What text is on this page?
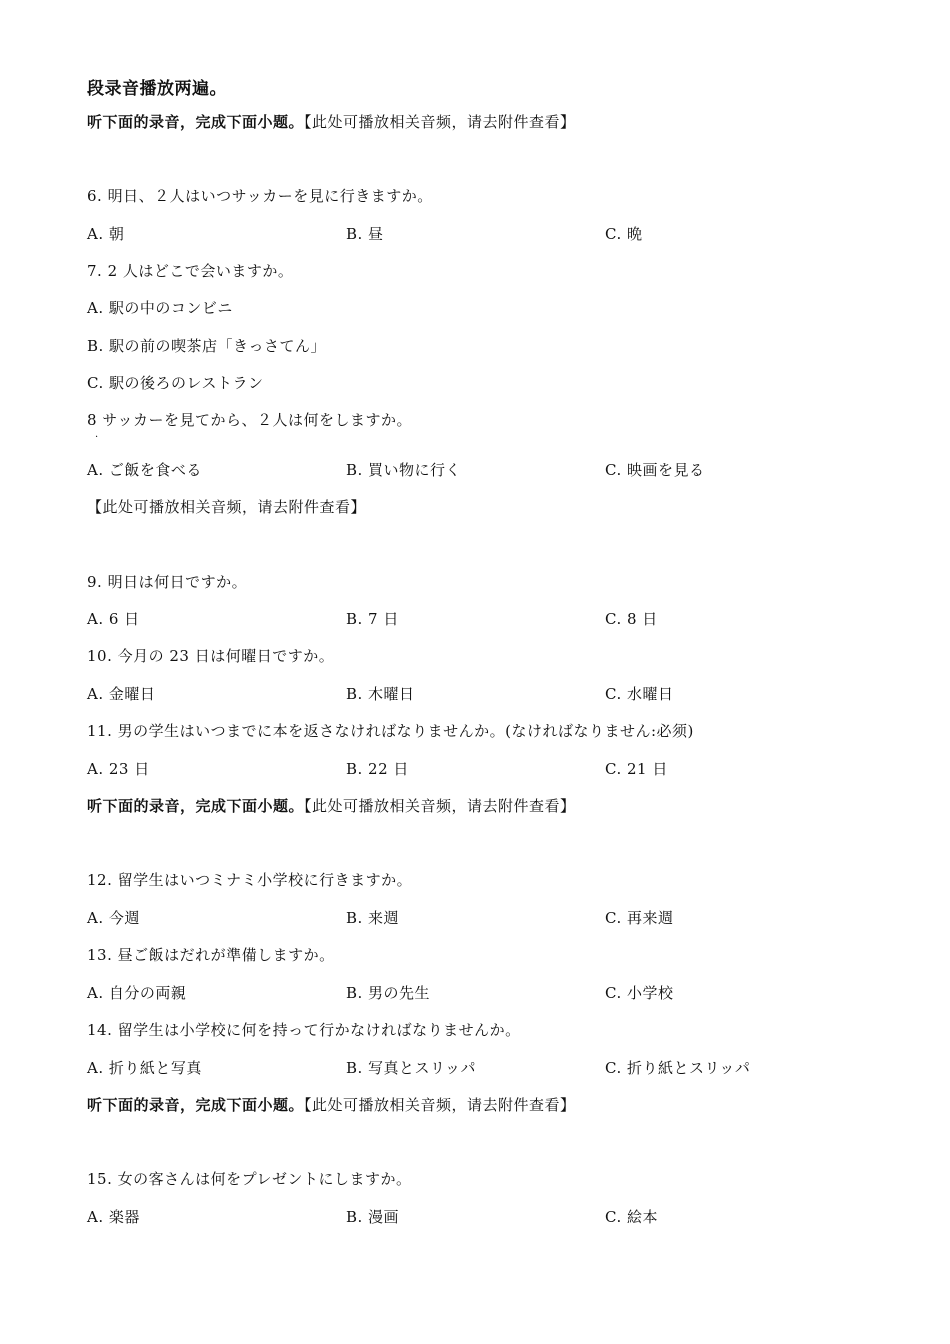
段录音播放两遍。
听下面的录音，完成下面小题。【此处可播放相关音频，请去附件查看】
6. 明日、２人はいつサッカーを見に行きますか。
A. 朝	B. 昼	C. 晩
7. 2 人はどこで会いますか。
A. 駅の中のコンビニ
B. 駅の前の喫茶店「きっさてん」
C. 駅の後ろのレストラン
8 サッカーを見てから、２人は何をしますか。
·
A. ご飯を食べる	B. 買い物に行く	C. 映画を見る
【此处可播放相关音频，请去附件查看】
9. 明日は何日ですか。
A. 6 日	B. 7 日	C. 8 日
10. 今月の 23 日は何曜日ですか。
A. 金曜日	B. 木曜日	C. 水曜日
11. 男の学生はいつまでに本を返さなければなりませんか。(なければなりません:必须)
A. 23 日	B. 22 日	C. 21 日
听下面的录音，完成下面小题。【此处可播放相关音频，请去附件查看】
12. 留学生はいつミナミ小学校に行きますか。
A. 今週	B. 来週	C. 再来週
13. 昼ご飯はだれが準備しますか。
A. 自分の両親	B. 男の先生	C. 小学校
14. 留学生は小学校に何を持って行かなければなりませんか。
A. 折り紙と写真	B. 写真とスリッパ	C. 折り紙とスリッパ
听下面的录音，完成下面小题。【此处可播放相关音频，请去附件查看】
15. 女の客さんは何をプレゼントにしますか。
A. 楽器	B. 漫画	C. 絵本
